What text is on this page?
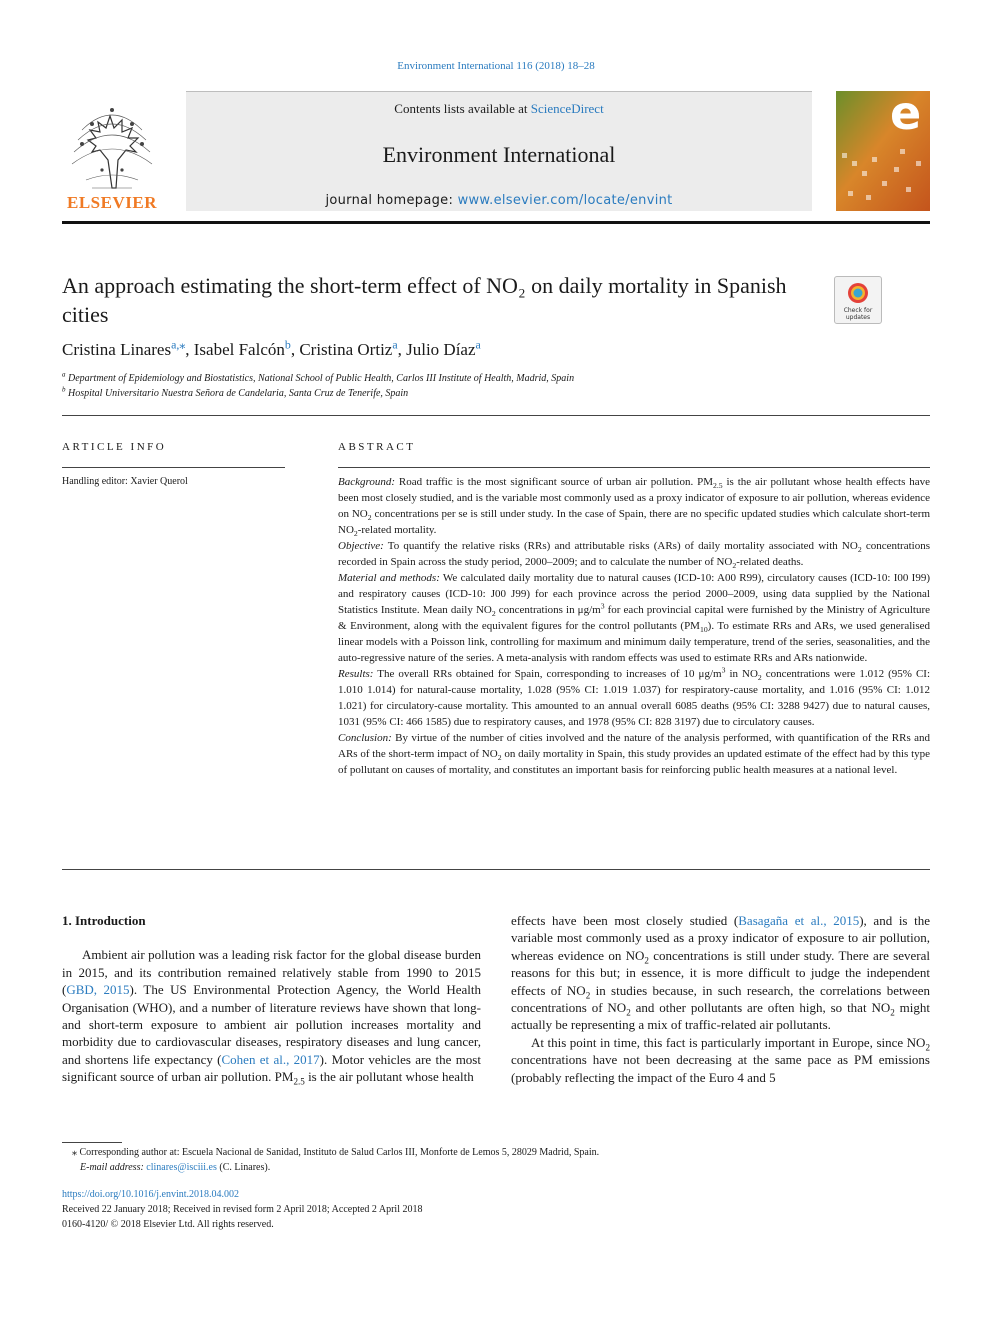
Environment International 116 (2018) 18–28
ELSEVIER
Contents lists available at ScienceDirect
Environment International
journal homepage: www.elsevier.com/locate/envint
e
An approach estimating the short-term effect of NO₂ on daily mortality in Spanish cities	Check for
updates
Cristina Linares$^{a,⁎}$, Isabel Falcón$^b$, Cristina Ortiz$^a$, Julio Díaz$^a$
$^a$ Department of Epidemiology and Biostatistics, National School of Public Health, Carlos III Institute of Health, Madrid, Spain
$^b$ Hospital Universitario Nuestra Señora de Candelaria, Santa Cruz de Tenerife, Spain
ARTICLE INFO
Handling editor: Xavier Querol
ABSTRACT

Background: Road traffic is the most significant source of urban air pollution. $PM_{2.5}$ is the air pollutant whose health effects have been most closely studied, and is the variable most commonly used as a proxy indicator of exposure to air pollution, whereas evidence on $NO_2$ concentrations per se is still under study. In the case of Spain, there are no specific updated studies which calculate short-term $NO_2$-related mortality.

Objective: To quantify the relative risks (RRs) and attributable risks (ARs) of daily mortality associated with $NO_2$ concentrations recorded in Spain across the study period, 2000–2009; and to calculate the number of $NO_2$-related deaths.

Material and methods: We calculated daily mortality due to natural causes (ICD-10: A00 R99), circulatory causes (ICD-10: I00 I99) and respiratory causes (ICD-10: J00 J99) for each province across the period 2000–2009, using data supplied by the National Statistics Institute. Mean daily $NO_2$ concentrations in $\mu g/m^3$ for each provincial capital were furnished by the Ministry of Agriculture & Environment, along with the equivalent figures for the control pollutants $(PM_{10})$. To estimate RRs and ARs, we used generalised linear models with a Poisson link, controlling for maximum and minimum daily temperature, trend of the series, seasonalities, and the auto-regressive nature of the series. A meta-analysis with random effects was used to estimate RRs and ARs nationwide.

Results: The overall RRs obtained for Spain, corresponding to increases of 10 $\mu g/m^3$ in $NO_2$ concentrations were 1.012 (95% CI: 1.010 1.014) for natural-cause mortality, 1.028 (95% CI: 1.019 1.037) for respiratory-cause mortality, and 1.016 (95% CI: 1.012 1.021) for circulatory-cause mortality. This amounted to an annual overall 6085 deaths (95% CI: 3288 9427) due to natural causes, 1031 (95% CI: 466 1585) due to respiratory causes, and 1978 (95% CI: 828 3197) due to circulatory causes.

Conclusion: By virtue of the number of cities involved and the nature of the analysis performed, with quantification of the RRs and ARs of the short-term impact of $NO_2$ on daily mortality in Spain, this study provides an updated estimate of the effect had by this type of pollutant on causes of mortality, and constitutes an important basis for reinforcing public health measures at a national level.

1. Introduction

Ambient air pollution was a leading risk factor for the global disease burden in 2015, and its contribution remained relatively stable from 1990 to 2015 (GBD, 2015). The US Environmental Protection Agency, the World Health Organisation (WHO), and a number of literature reviews have shown that long- and short-term exposure to ambient air pollution increases mortality and morbidity due to cardiovascular diseases, respiratory diseases and lung cancer, and shortens life expectancy (Cohen et al., 2017). Motor vehicles are the most significant source of urban air pollution. $PM_{2.5}$ is the air pollutant whose health

effects have been most closely studied (Basagaña et al., 2015), and is the variable most commonly used as a proxy indicator of exposure to air pollution, whereas evidence on $NO_2$ concentrations is still under study. There are several reasons for this but; in essence, it is more difficult to judge the independent effects of $NO_2$ in studies because, in such research, the correlations between concentrations of $NO_2$ and other pollutants are often high, so that $NO_2$ might actually be representing a mix of traffic-related air pollutants.

At this point in time, this fact is particularly important in Europe, since $NO_2$ concentrations have not been decreasing at the same pace as PM emissions (probably reflecting the impact of the Euro 4 and 5

⁎ Corresponding author at: Escuela Nacional de Sanidad, Instituto de Salud Carlos III, Monforte de Lemos 5, 28029 Madrid, Spain.
E-mail address: clinares@isciii.es (C. Linares).
https://doi.org/10.1016/j.envint.2018.04.002
Received 22 January 2018; Received in revised form 2 April 2018; Accepted 2 April 2018
0160-4120/ © 2018 Elsevier Ltd. All rights reserved.
